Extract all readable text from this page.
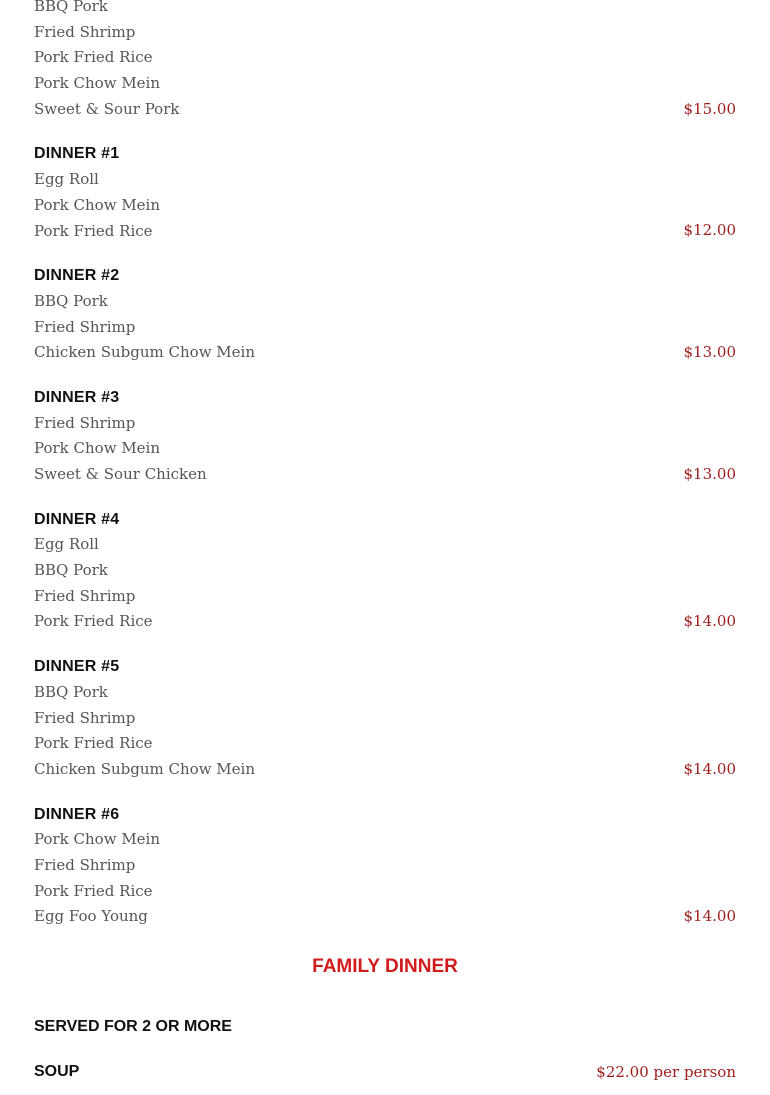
BBQ Pork
Fried Shrimp
Pork Fried Rice
Pork Chow Mein
Sweet & Sour Pork	$15.00
DINNER #1
Egg Roll
Pork Chow Mein
Pork Fried Rice	$12.00
DINNER #2
BBQ Pork
Fried Shrimp
Chicken Subgum Chow Mein	$13.00
DINNER #3
Fried Shrimp
Pork Chow Mein
Sweet & Sour Chicken	$13.00
DINNER #4
Egg Roll
BBQ Pork
Fried Shrimp
Pork Fried Rice	$14.00
DINNER #5
BBQ Pork
Fried Shrimp
Pork Fried Rice
Chicken Subgum Chow Mein	$14.00
DINNER #6
Pork Chow Mein
Fried Shrimp
Pork Fried Rice
Egg Foo Young	$14.00
FAMILY DINNER
SERVED FOR 2 OR MORE
SOUP	$22.00 per person
